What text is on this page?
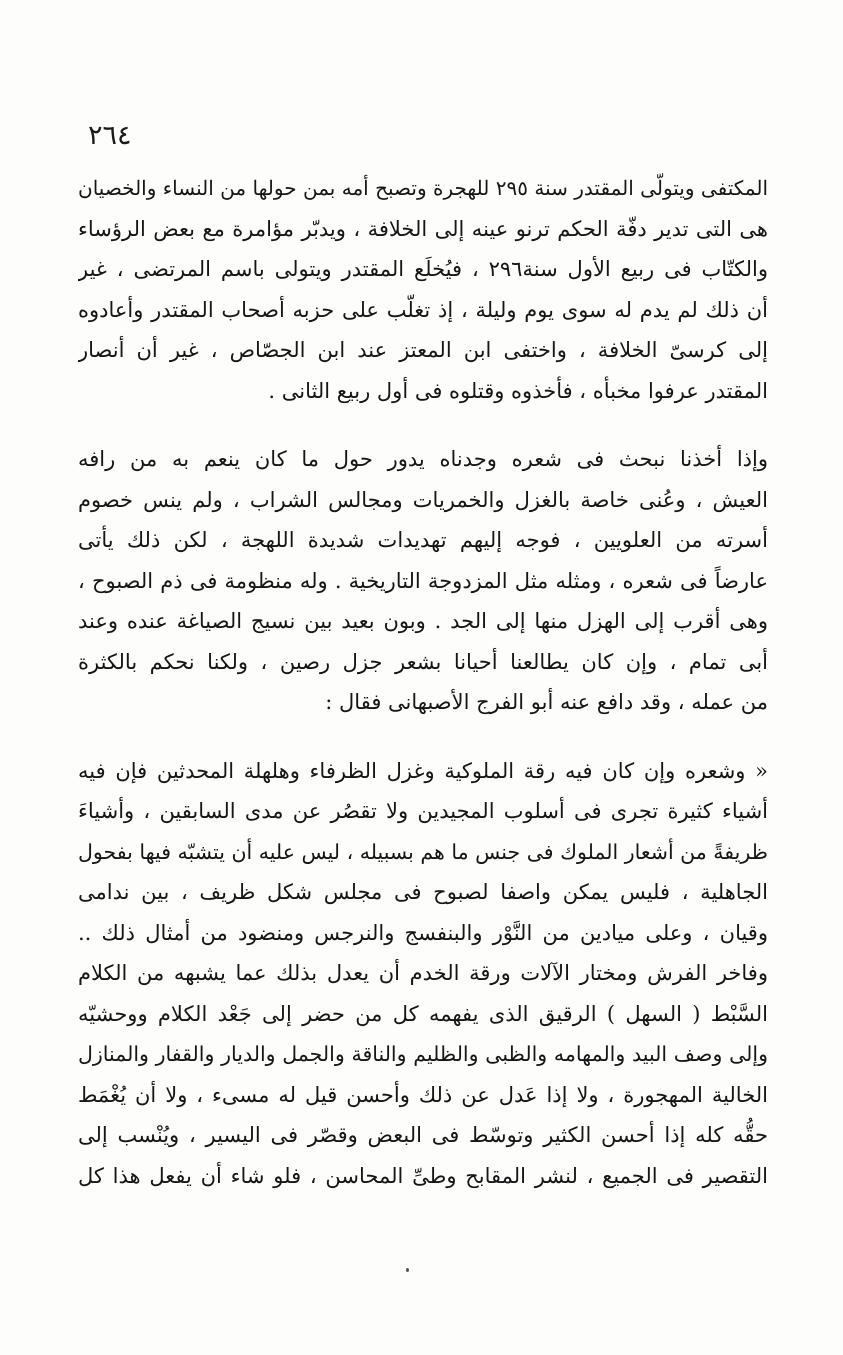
٢٦٤
المكتفى ويتولّى المقتدر سنة ٢٩٥ للهجرة وتصبح أمه بمن حولها من النساء والخصيان
هى التى تدير دفّة الحكم ترنو عينه إلى الخلافة ، ويدبّر مؤامرة مع بعض الرؤساء
والكتّاب فى ربيع الأول سنة٢٩٦ ، فيُخلَع المقتدر ويتولى باسم المرتضى ، غير
أن ذلك لم يدم له سوى يوم وليلة ، إذ تغلّب على حزبه أصحاب المقتدر وأعادوه
إلى كرسىّ الخلافة ، واختفى ابن المعتز عند ابن الجصّاص ، غير أن أنصار
المقتدر عرفوا مخبأه ، فأخذوه وقتلوه فى أول ربيع الثانى .
وإذا أخذنا نبحث فى شعره وجدناه يدور حول ما كان ينعم به من رافه
العيش ، وعُنى خاصة بالغزل والخمريات ومجالس الشراب ، ولم ينس خصوم
أسرته من العلويين ، فوجه إليهم تهديدات شديدة اللهجة ، لكن ذلك يأتى
عارضاً فى شعره ، ومثله مثل المزدوجة التاريخية . وله منظومة فى ذم الصبوح ،
وهى أقرب إلى الهزل منها إلى الجد . وبون بعيد بين نسيج الصياغة عنده وعند
أبى تمام ، وإن كان يطالعنا أحيانا بشعر جزل رصين ، ولكنا نحكم بالكثرة
من عمله ، وقد دافع عنه أبو الفرج الأصبهانى فقال :
« وشعره وإن كان فيه رقة الملوكية وغزل الظرفاء وهلهلة المحدثين فإن فيه
أشياء كثيرة تجرى فى أسلوب المجيدين ولا تقصُر عن مدى السابقين ، وأشياءَ
ظريفةً من أشعار الملوك فى جنس ما هم بسبيله ، ليس عليه أن يتشبّه فيها بفحول
الجاهلية ، فليس يمكن واصفا لصبوح فى مجلس شكل ظريف ، بين ندامى
وقيان ، وعلى ميادين من النَّوْر والبنفسج والنرجس ومنضود من أمثال ذلك ..
وفاخر الفرش ومختار الآلات ورقة الخدم أن يعدل بذلك عما يشبهه من الكلام
السَّبْط ( السهل ) الرقيق الذى يفهمه كل من حضر إلى جَعْد الكلام ووحشيّه
وإلى وصف البيد والمهامه والظبى والظليم والناقة والجمل والديار والقفار والمنازل
الخالية المهجورة ، ولا إذا عَدل عن ذلك وأحسن قيل له مسىء ، ولا أن يُغْمَط
حقُّه كله إذا أحسن الكثير وتوسّط فى البعض وقصّر فى اليسير ، ويُنْسب إلى
التقصير فى الجميع ، لنشر المقابح وطىِّ المحاسن ، فلو شاء أن يفعل هذا كل
